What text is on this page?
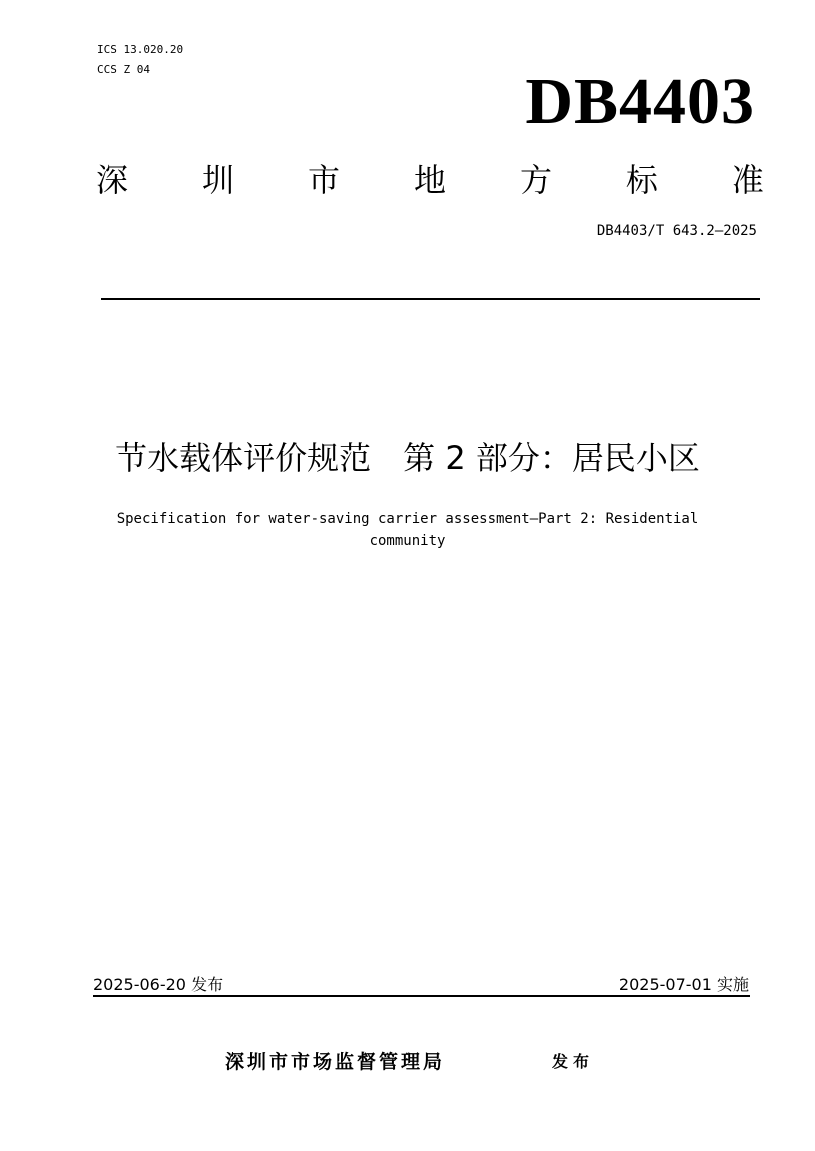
ICS 13.020.20
CCS Z 04	DB4403
深 圳 市 地 方 标 准
DB4403/T 643.2—2025
节水载体评价规范　第 2 部分：居民小区
Specification for water-saving carrier assessment—Part 2: Residential community
2025-06-20 发布	2025-07-01 实施
深圳市市场监督管理局	发布
